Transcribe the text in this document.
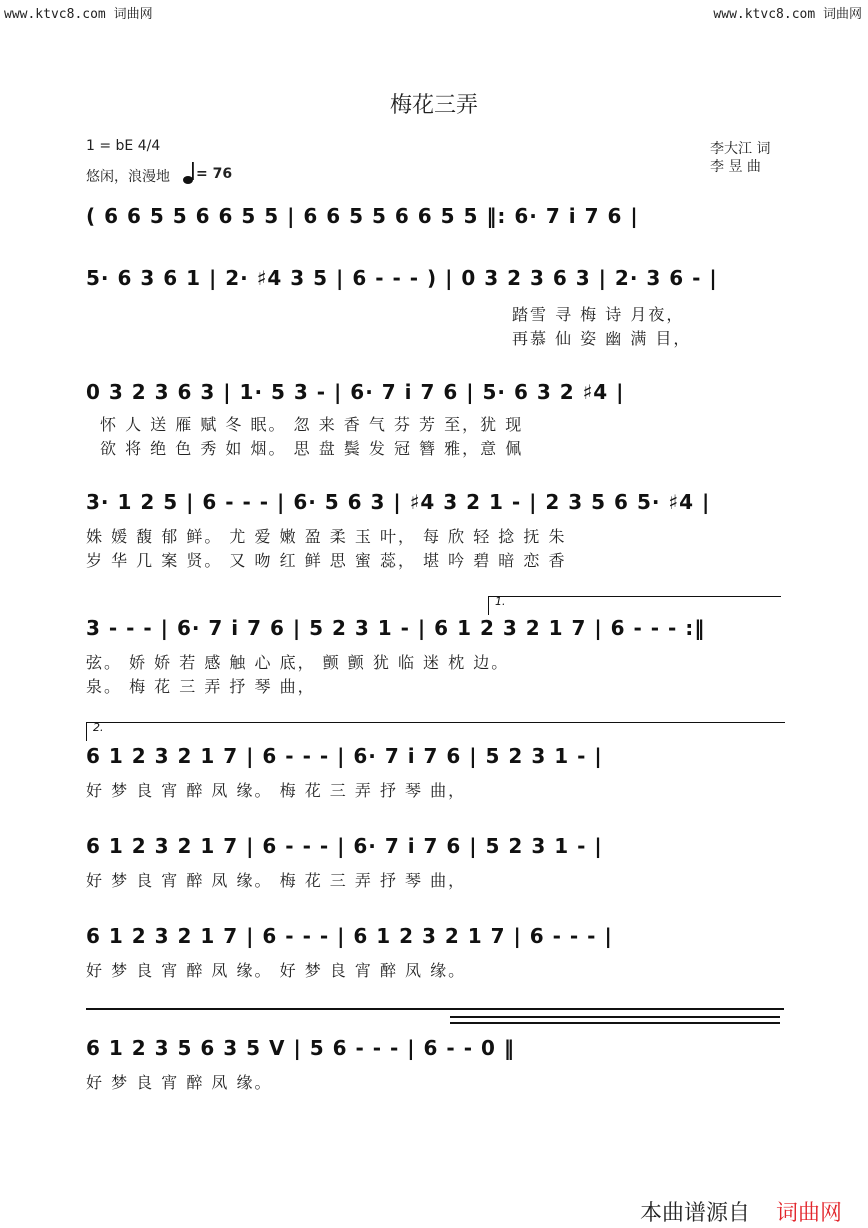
www.ktvc8.com 词曲网	www.ktvc8.com 词曲网
梅花三弄
1 = bE 4/4
悠闲，浪漫地 = 76
李大江 词
李 昱 曲
( 6 6 5 5 6 6 5 5 | 6 6 5 5 6 6 5 5 ‖: 6· 7 i 7 6 |
5· 6 3 6 1 | 2· ♯4 3 5 | 6 - - - ) | 0 3 2 3 6 3 | 2· 3 6 - |
踏雪 寻 梅 诗 月夜，
再慕 仙 姿 幽 满 目，
0 3 2 3 6 3 | 1· 5 3 - | 6· 7 i 7 6 | 5· 6 3 2 ♯4 |
怀 人 送 雁 赋 冬 眠。 忽 来 香 气 芬 芳 至，犹 现
欲 将 绝 色 秀 如 烟。 思 盘 鬓 发 冠 簪 雅，意 佩
3· 1 2 5 | 6 - - - | 6· 5 6 3 | ♯4 3 2 1 - | 2 3 5 6 5· ♯4 |
姝 媛 馥 郁 鲜。 尤 爱 嫩 盈 柔 玉 叶， 每 欣 轻 捻 抚 朱
岁 华 几 案 贤。 又 吻 红 鲜 思 蜜 蕊， 堪 吟 碧 暗 恋 香
1.
3 - - - | 6· 7 i 7 6 | 5 2 3 1 - | 6 1 2 3 2 1 7 | 6 - - - :‖
弦。 娇 娇 若 感 触 心 底， 颤 颤 犹 临 迷 枕 边。
泉。 梅 花 三 弄 抒 琴 曲，
2.
6 1 2 3 2 1 7 | 6 - - - | 6· 7 i 7 6 | 5 2 3 1 - |
好 梦 良 宵 醉 凤 缘。 梅 花 三 弄 抒 琴 曲，
6 1 2 3 2 1 7 | 6 - - - | 6· 7 i 7 6 | 5 2 3 1 - |
好 梦 良 宵 醉 凤 缘。 梅 花 三 弄 抒 琴 曲，
6 1 2 3 2 1 7 | 6 - - - | 6 1 2 3 2 1 7 | 6 - - - |
好 梦 良 宵 醉 凤 缘。 好 梦 良 宵 醉 凤 缘。
6 1 2 3 5 6 3 5 V | 5 6 - - - | 6 - - 0 ‖
好 梦 良 宵 醉 凤 缘。
本曲谱源自 词曲网
